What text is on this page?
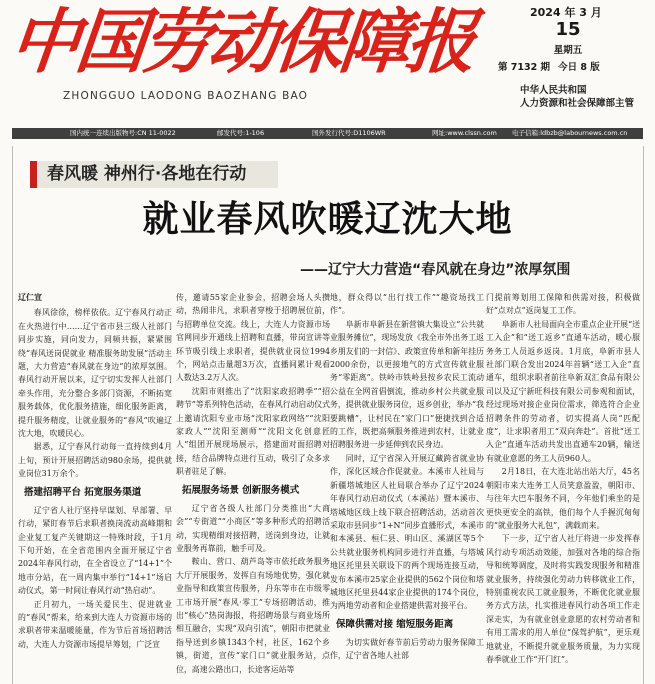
中国劳动保障报
ZHONGGUO LAODONG BAOZHANG BAO
2024 年 3 月
15
星期五
第 7132 期 今日 8 版
中华人民共和国
人力资源和社会保障部主管
国内统一连续出版物号:CN 11-0022	邮发代号:1-106	国外发行代号:D1106WR	网址:www.clssn.com 电子信箱:ldbzb@labournews.com.cn
春风暖 神州行·各地在行动
就业春风吹暖辽沈大地
——辽宁大力营造“春风就在身边”浓厚氛围

辽仁宣

春风徐徐，榜样依依。辽宁春风行动正在火热进行中……辽宁省市县三级人社部门同步实施，同向发力，同频共振，紧紧围绕“春风送岗促就业 精准服务助发展”活动主题，大力营造“春风就在身边”的浓厚氛围。春风行动开展以来，辽宁切实发挥人社部门牵头作用，充分整合多部门资源，不断拓宽服务载体，优化服务措施，细化服务距离，提升服务精度，让就业服务的“春风”吹遍辽沈大地，吹暖民心。

据悉，辽宁春风行动每一直持续到4月上旬，预计开展招聘活动980余场，提供就业岗位31万余个。

搭建招聘平台 拓宽服务渠道

辽宁省人社厅坚持早谋划、早部署、早行动，紧盯春节后求职者换岗流动高峰期和企业复工复产关键期这一特殊时段，于1月下旬开始，在全省范围内全面开展辽宁省2024年春风行动，在全省设立了“14+1”个地市分站，在一周内集中举行“14+1”场启动仪式，第一时间让春风行动“热启动”。

正月初九，一场关爱民生、促进就业的“春风”帮来，给来到大连人力资源市场的求职者带来温暖能量，作为节后首场招聘活动，大连人力资源市场提早筹划，广泛宣

传，邀请55家企业参会，招聘会场人头攒动，热闹非凡，求职者穿梭于招聘展位前，与招聘单位交流。线上，大连人力资源市场官网同步开通线上招聘和直播，带岗宣讲等环节吸引线上求职者，提供就业岗位1994个，网站点击量超3万次，直播间累计观看人数达3.2万人次。

沈阳市则推出了“沈阳家政招聘季”“招聘节”等系列特色活动，在春风行动启动仪式上邀请沈阳专业市场“沈阳家政网络”“沈阳家政人”“沈阳至测师”“沈阳文化创意匠人”组团开展现场展示，搭建面对面招聘对接，结合品牌特点进行互动，吸引了众多求职者驻足了解。

拓展服务场景 创新服务模式

辽宁省各级人社部门分类推出“大商会”“专街道”“小商区”等多种形式的招聘活动，实现精细对接招聘，送岗到身边，让就业服务再靠前，触手可及。

鞍山、营口、葫芦岛等市依托政务服务大厅开展服务，发挥自有场地优势，强化就业指导和政策宣传服务，丹东等市在市级零工市场开展“春风·零工”专场招聘活动，推出“核心”热岗海报，将招聘场景与商业场所相互融合，实现“双向引流”，朝阳市把就业指导送到乡镇1343个村，社区，162个乡镇，街道，宣传“家门口”就业服务站，点位，高速公路出口，长途客运站等

地，群众得以“出行找工作”“趣资场找工作”。

阜新市阜新县在新营镇大集设立“公共就业服务摊位”，现场发放《我全市外出务工返乡朋友们的一封信》、政策宣传单和新年挂历2000余份，以更接地气的方式宣传就业服务“零距离”。铁岭市铁岭县按乡农民工流动公益在全网首倡倒流，推动乡村公共就业服务，提供就业服务岗位，返乡创业，举办“我要跳槽”，让村民在“家门口”便捷找到合适的工作，既把高频服务推进到农村，让就业招聘服务进一步延伸到农民身边。

同时，辽宁省深入开展辽藏跨省就业协作，深化区域合作促就业。本溪市人社局与新疆塔城地区人社局联合举办了辽宁2024年春风行动启动仪式（本溪站）暨本溪市、塔城地区线上线下联合招聘活动，活动首次采取市县同步“1+N”同步直播形式，本溪市和本溪县、桓仁县、明山区、溪湖区等5个公共就业服务机构同步进行并直播，与塔城地区托里县关联设下的两个现场连接互动，发布本溪市25家企业提供的562个岗位和塔城地区托里县44家企业提供的174个岗位，为两地劳动者和企业搭建供需对接平台。

保障供需对接 缩短服务距离

为切实做好春节前后劳动力服务保障工作，辽宁省各地人社部

门提前筹划用工保障和供需对接，积极做好“点对点”返岗复工工作。

阜新市人社局面向全市重点企业开展“送工入企”和“送工返乡”直通车活动，暖心服务务工人员返乡返岗。1月底，阜新市县人社部门联合发出2024年首辆“送工入企”直通车，组织求职者前往阜新双汇食品有限公司以及辽宁新旺科技有限公司参观和面试，经过现场对接企业岗位需求，筛选符合企业招聘条件的劳动者，切实提高人岗“匹配度”，让求职者用工“双向奔赴”。首批“送工入企”直通车活动共发出直通车20辆，输送有就业意愿的务工人员960人。

2月18日，在大连北站出站大厅，45名朝阳市来大连务工人员笑意盈盈，朝阳市、与往年大巴车服务不同，今年他们乘坐的是更快更安全的高铁，他们每个人手握沉甸甸的“就业服务大礼包”，满载而来。

下一步，辽宁省人社厅将进一步发挥春风行动专项活动效能，加强对各地的综合指导和统筹调度，及时将实践发现服务和精准就业服务，持续强化劳动力转移就业工作，特别重视农民工就业服务，不断优化就业服务方式方法，扎实推进春风行动各项工作走深走实，为有就业创业意愿的农村劳动者和有用工需求的用人单位“保驾护航”，更乐观地就业，不断提升就业服务质量，为力实现春季就业工作“开门红”。
